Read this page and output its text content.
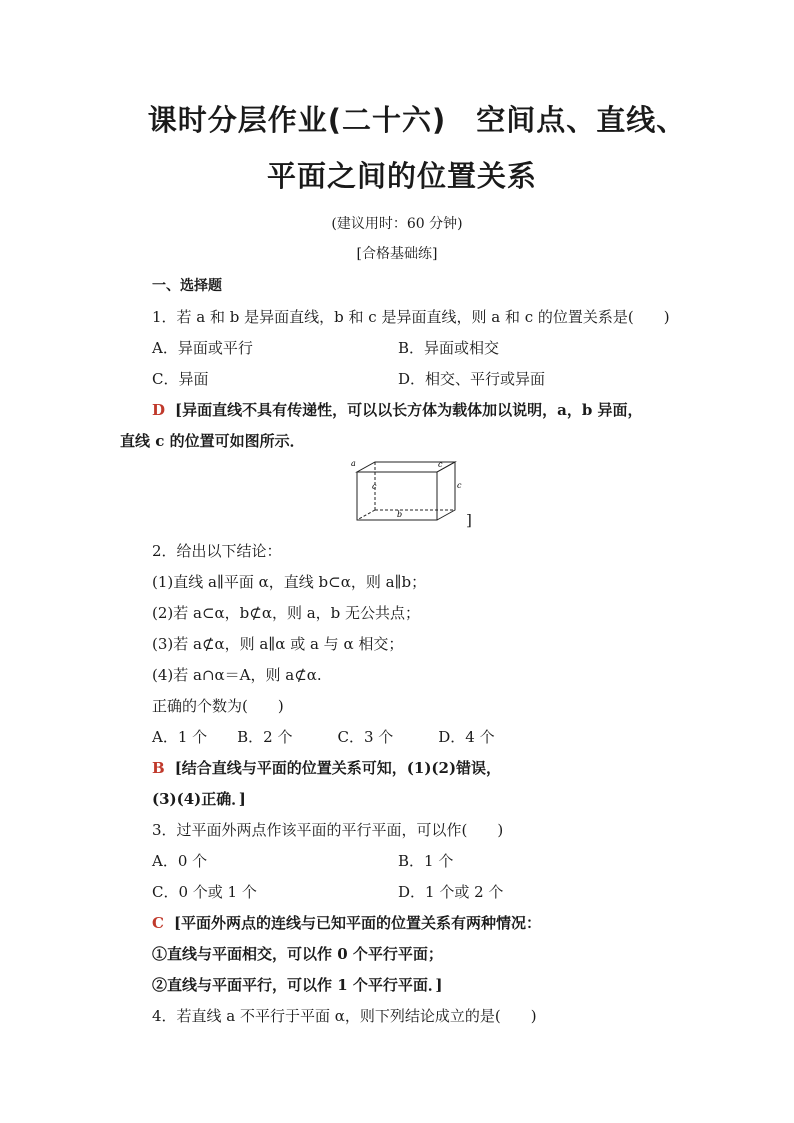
课时分层作业(二十六)　空间点、直线、
平面之间的位置关系
(建议用时：60 分钟)
[合格基础练]
一、选择题
1．若 a 和 b 是异面直线，b 和 c 是异面直线，则 a 和 c 的位置关系是(　　)
A．异面或平行	B．异面或相交
C．异面	D．相交、平行或异面
D [异面直线不具有传递性，可以以长方体为载体加以说明，a，b 异面，
直线 c 的位置可如图所示．
a	c
c	c
b	]
2．给出以下结论：
(1)直线 a∥平面 α，直线 b⊂α，则 a∥b；
(2)若 a⊂α，b⊄α，则 a，b 无公共点；
(3)若 a⊄α，则 a∥α 或 a 与 α 相交；
(4)若 a∩α＝A，则 a⊄α.
正确的个数为(　　)
A．1 个　　B．2 个　　　C．3 个　　　D．4 个
B [结合直线与平面的位置关系可知，(1)(2)错误，
(3)(4)正确．]
3．过平面外两点作该平面的平行平面，可以作(　　)
A．0 个	B．1 个
C．0 个或 1 个	D．1 个或 2 个
C [平面外两点的连线与已知平面的位置关系有两种情况：
①直线与平面相交，可以作 0 个平行平面；
②直线与平面平行，可以作 1 个平行平面．]
4．若直线 a 不平行于平面 α，则下列结论成立的是(　　)
